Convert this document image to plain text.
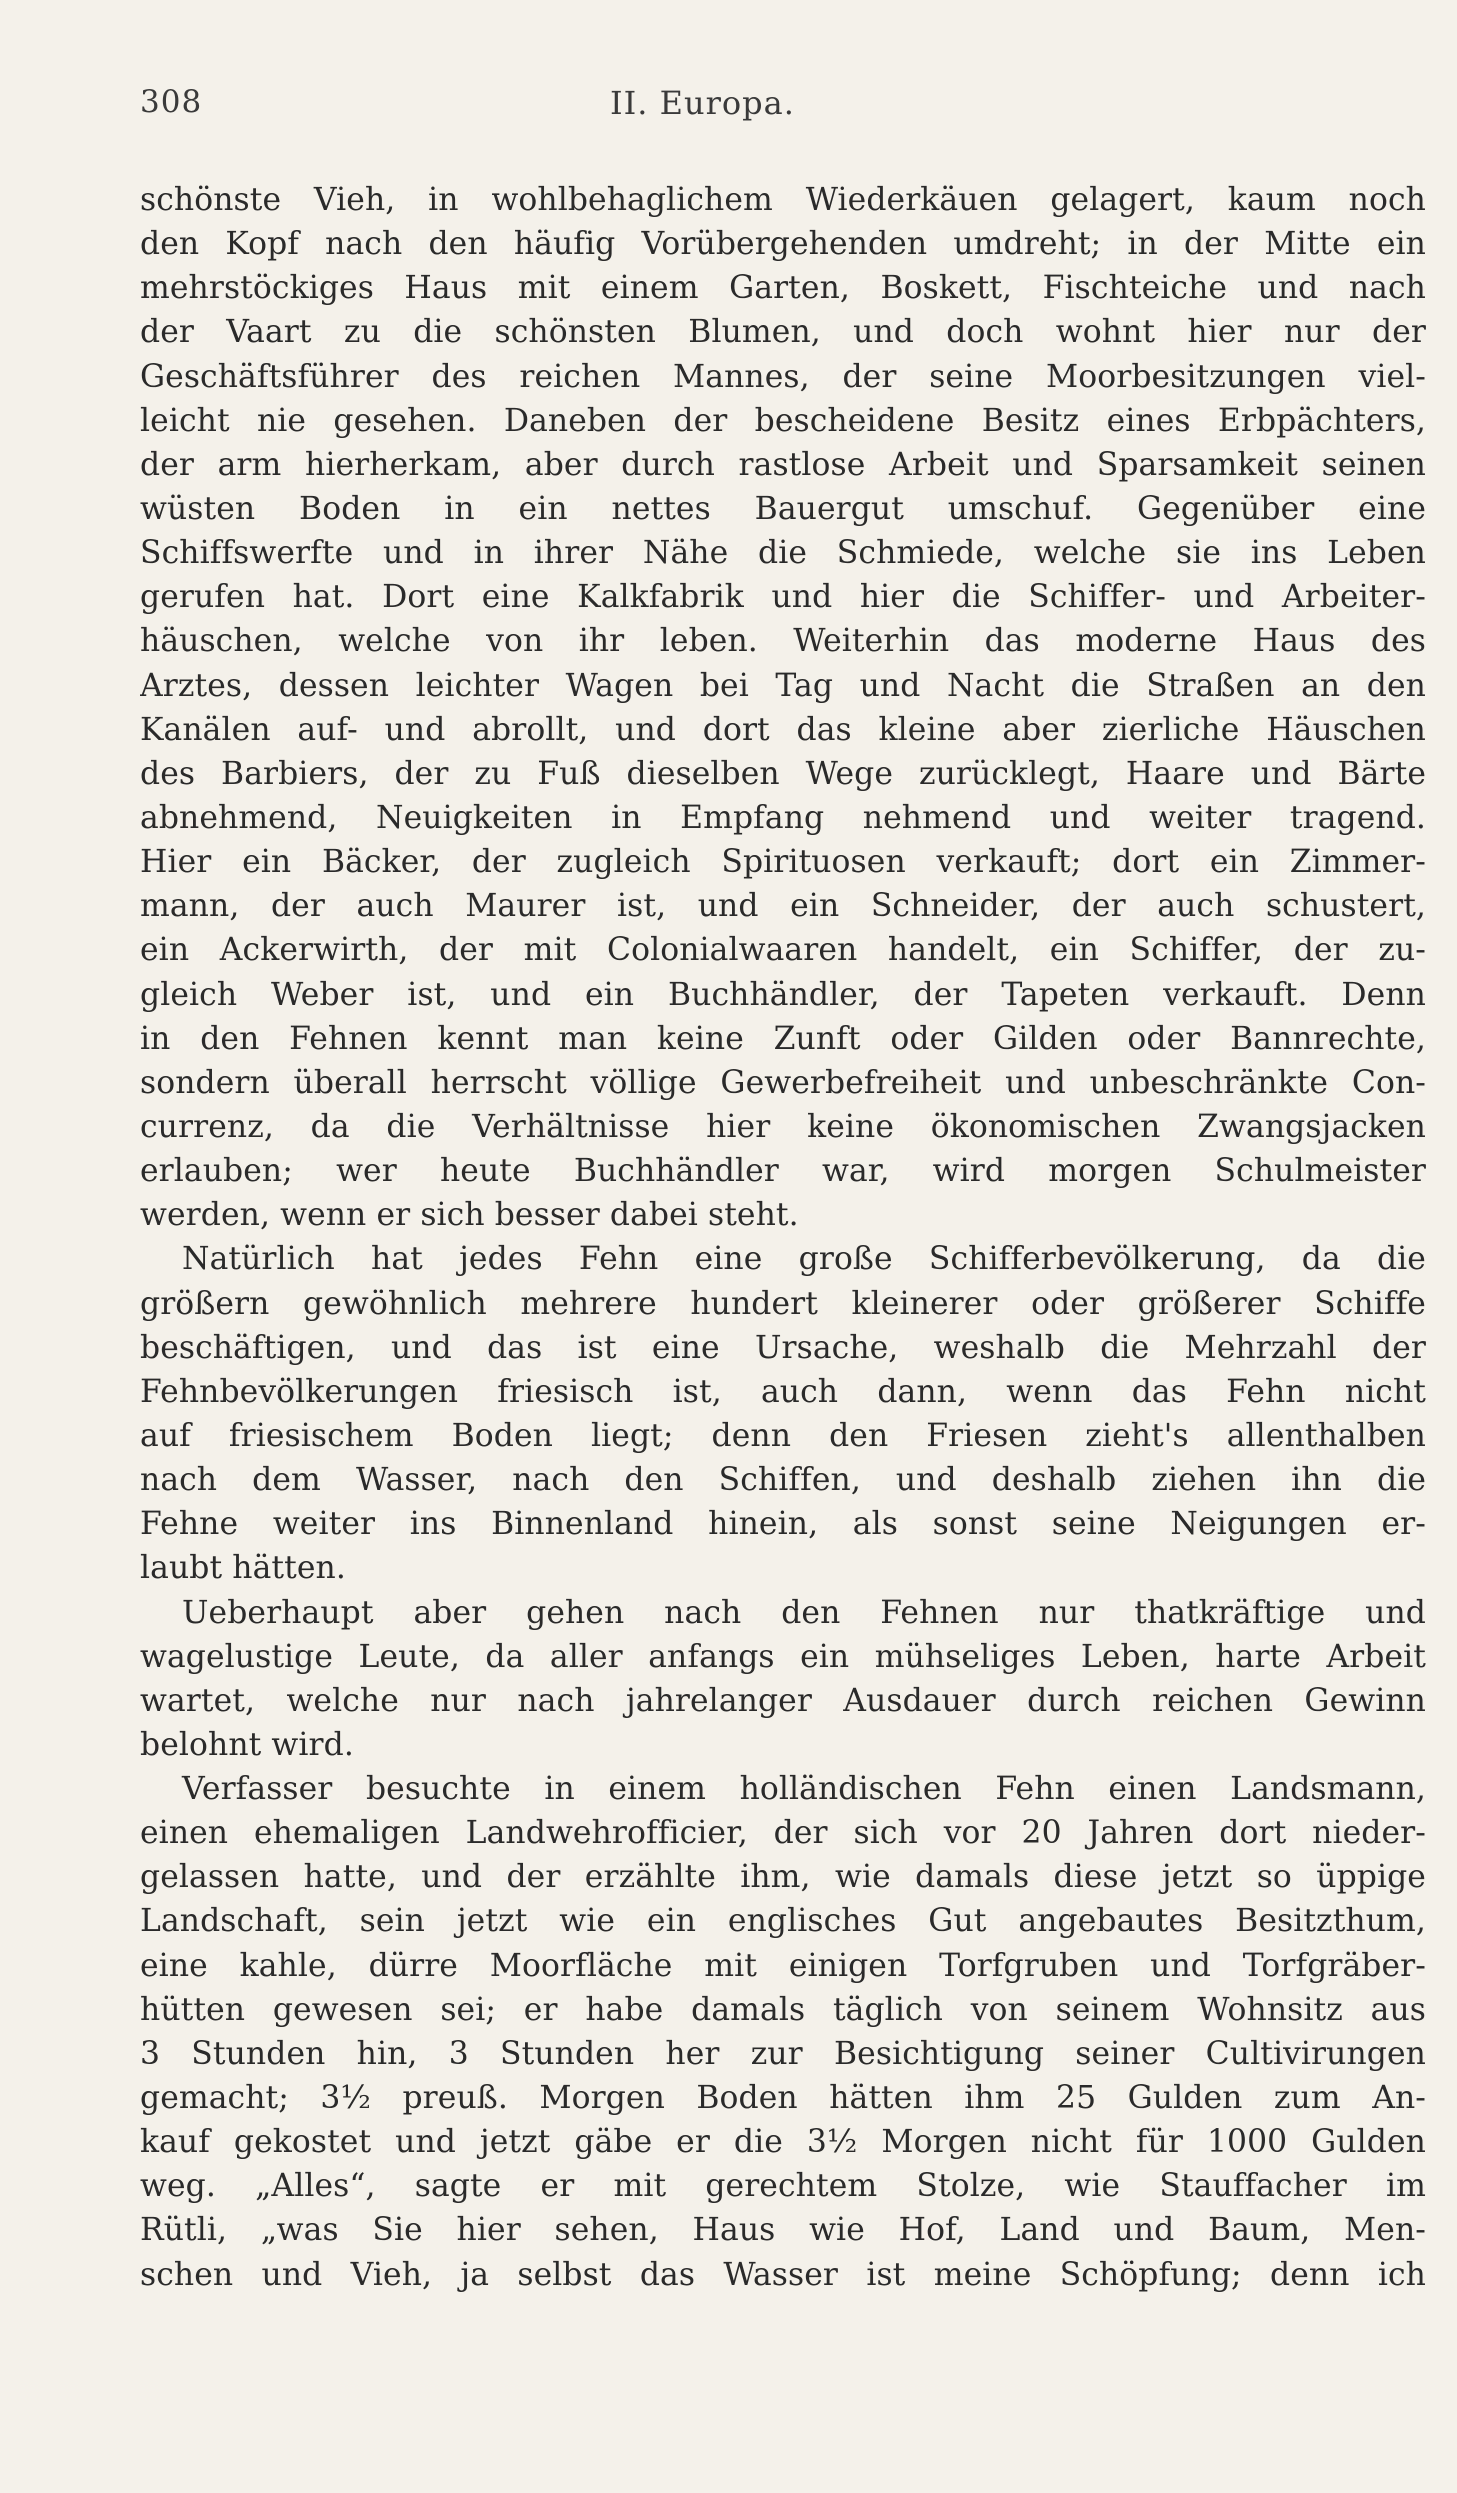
308	II. Europa.
schönste Vieh, in wohlbehaglichem Wiederkäuen gelagert, kaum noch
den Kopf nach den häufig Vorübergehenden umdreht; in der Mitte ein
mehrstöckiges Haus mit einem Garten, Boskett, Fischteiche und nach
der Vaart zu die schönsten Blumen, und doch wohnt hier nur der
Geschäftsführer des reichen Mannes, der seine Moorbesitzungen viel-
leicht nie gesehen. Daneben der bescheidene Besitz eines Erbpächters,
der arm hierherkam, aber durch rastlose Arbeit und Sparsamkeit seinen
wüsten Boden in ein nettes Bauergut umschuf. Gegenüber eine
Schiffswerfte und in ihrer Nähe die Schmiede, welche sie ins Leben
gerufen hat. Dort eine Kalkfabrik und hier die Schiffer- und Arbeiter-
häuschen, welche von ihr leben. Weiterhin das moderne Haus des
Arztes, dessen leichter Wagen bei Tag und Nacht die Straßen an den
Kanälen auf- und abrollt, und dort das kleine aber zierliche Häuschen
des Barbiers, der zu Fuß dieselben Wege zurücklegt, Haare und Bärte
abnehmend, Neuigkeiten in Empfang nehmend und weiter tragend.
Hier ein Bäcker, der zugleich Spirituosen verkauft; dort ein Zimmer-
mann, der auch Maurer ist, und ein Schneider, der auch schustert,
ein Ackerwirth, der mit Colonialwaaren handelt, ein Schiffer, der zu-
gleich Weber ist, und ein Buchhändler, der Tapeten verkauft. Denn
in den Fehnen kennt man keine Zunft oder Gilden oder Bannrechte,
sondern überall herrscht völlige Gewerbefreiheit und unbeschränkte Con-
currenz, da die Verhältnisse hier keine ökonomischen Zwangsjacken
erlauben; wer heute Buchhändler war, wird morgen Schulmeister
werden, wenn er sich besser dabei steht.
Natürlich hat jedes Fehn eine große Schifferbevölkerung, da die
größern gewöhnlich mehrere hundert kleinerer oder größerer Schiffe
beschäftigen, und das ist eine Ursache, weshalb die Mehrzahl der
Fehnbevölkerungen friesisch ist, auch dann, wenn das Fehn nicht
auf friesischem Boden liegt; denn den Friesen zieht's allenthalben
nach dem Wasser, nach den Schiffen, und deshalb ziehen ihn die
Fehne weiter ins Binnenland hinein, als sonst seine Neigungen er-
laubt hätten.
Ueberhaupt aber gehen nach den Fehnen nur thatkräftige und
wagelustige Leute, da aller anfangs ein mühseliges Leben, harte Arbeit
wartet, welche nur nach jahrelanger Ausdauer durch reichen Gewinn
belohnt wird.
Verfasser besuchte in einem holländischen Fehn einen Landsmann,
einen ehemaligen Landwehrofficier, der sich vor 20 Jahren dort nieder-
gelassen hatte, und der erzählte ihm, wie damals diese jetzt so üppige
Landschaft, sein jetzt wie ein englisches Gut angebautes Besitzthum,
eine kahle, dürre Moorfläche mit einigen Torfgruben und Torfgräber-
hütten gewesen sei; er habe damals täglich von seinem Wohnsitz aus
3 Stunden hin, 3 Stunden her zur Besichtigung seiner Cultivirungen
gemacht; 3½ preuß. Morgen Boden hätten ihm 25 Gulden zum An-
kauf gekostet und jetzt gäbe er die 3½ Morgen nicht für 1000 Gulden
weg. „Alles“, sagte er mit gerechtem Stolze, wie Stauffacher im
Rütli, „was Sie hier sehen, Haus wie Hof, Land und Baum, Men-
schen und Vieh, ja selbst das Wasser ist meine Schöpfung; denn ich
